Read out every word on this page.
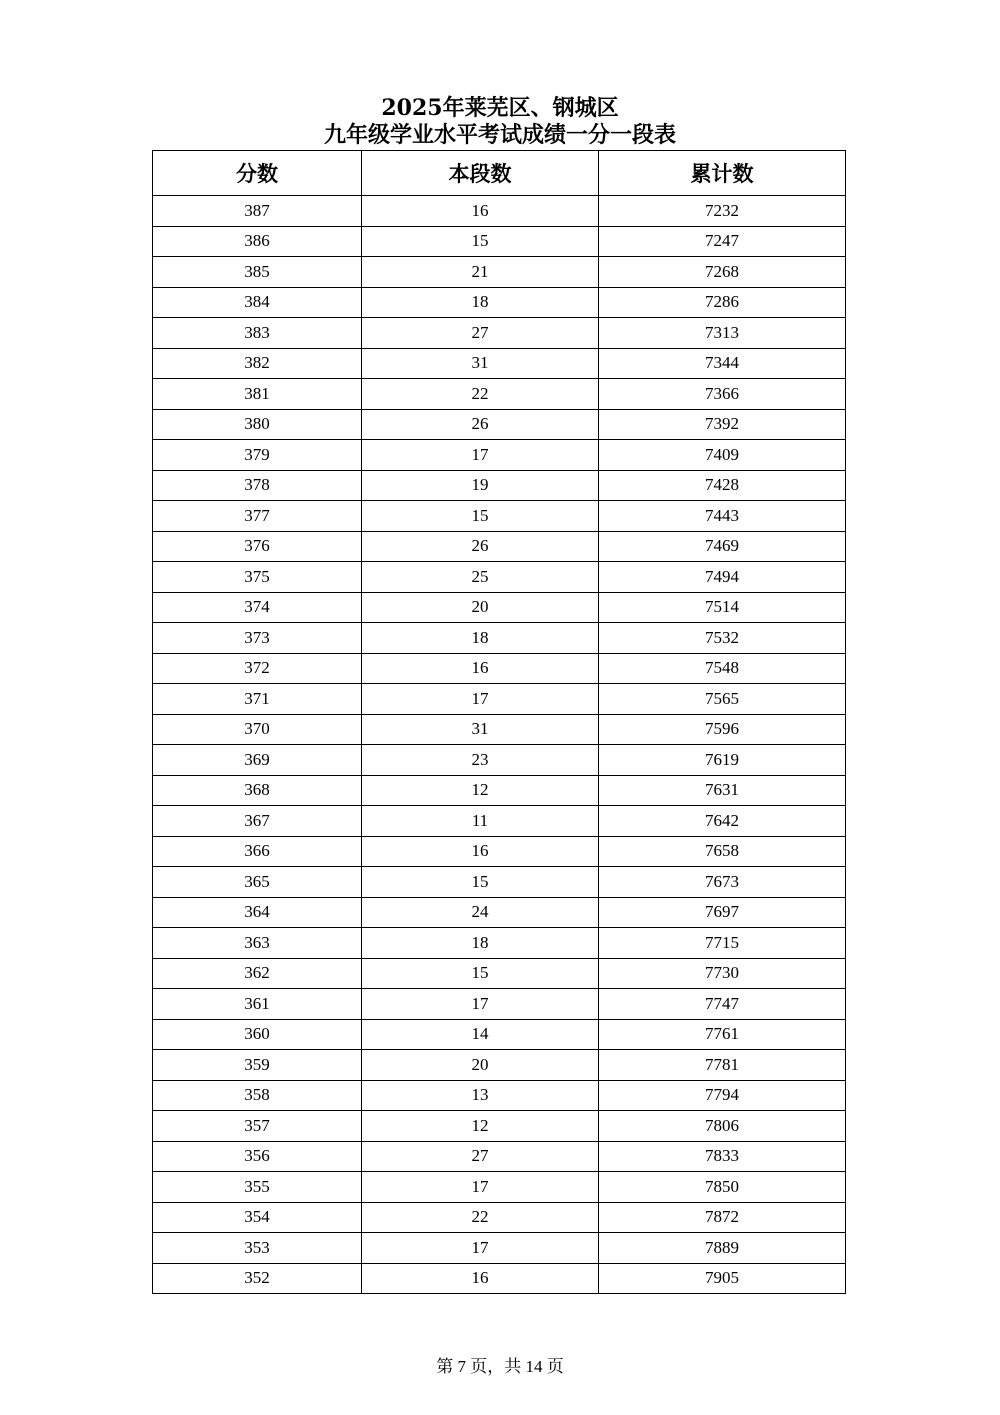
2025年莱芜区、钢城区
九年级学业水平考试成绩一分一段表
分数	本段数	累计数
387	16	7232
386	15	7247
385	21	7268
384	18	7286
383	27	7313
382	31	7344
381	22	7366
380	26	7392
379	17	7409
378	19	7428
377	15	7443
376	26	7469
375	25	7494
374	20	7514
373	18	7532
372	16	7548
371	17	7565
370	31	7596
369	23	7619
368	12	7631
367	11	7642
366	16	7658
365	15	7673
364	24	7697
363	18	7715
362	15	7730
361	17	7747
360	14	7761
359	20	7781
358	13	7794
357	12	7806
356	27	7833
355	17	7850
354	22	7872
353	17	7889
352	16	7905
第 7 页，共 14 页
